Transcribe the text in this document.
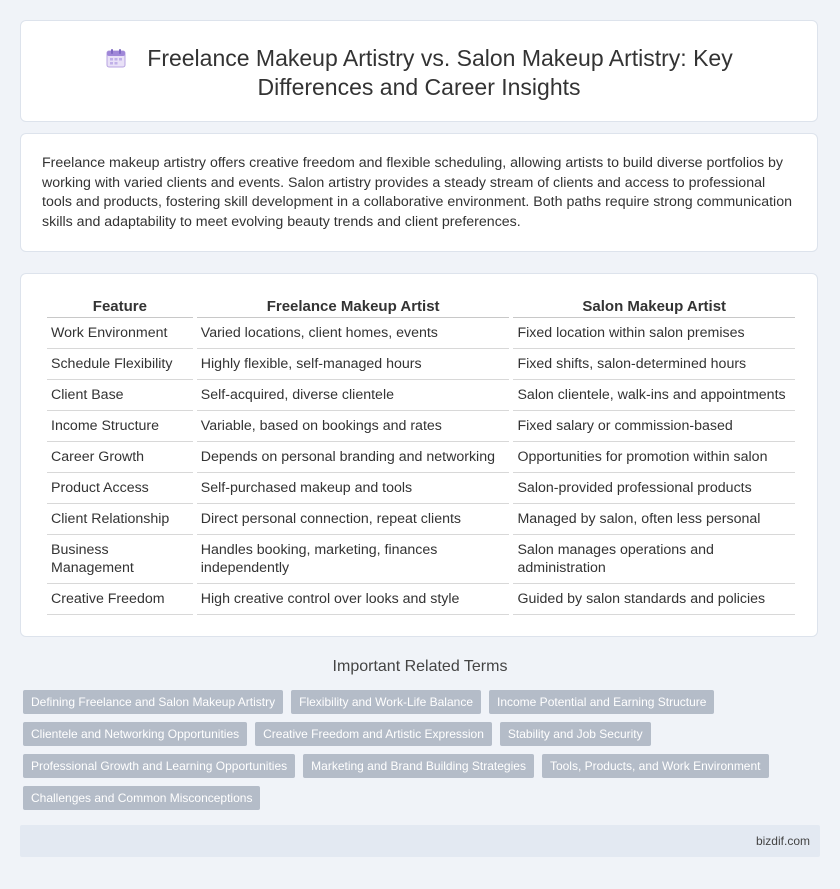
Freelance Makeup Artistry vs. Salon Makeup Artistry: Key Differences and Career Insights
Freelance makeup artistry offers creative freedom and flexible scheduling, allowing artists to build diverse portfolios by working with varied clients and events. Salon artistry provides a steady stream of clients and access to professional tools and products, fostering skill development in a collaborative environment. Both paths require strong communication skills and adaptability to meet evolving beauty trends and client preferences.
Feature	Freelance Makeup Artist	Salon Makeup Artist
Work Environment	Varied locations, client homes, events	Fixed location within salon premises
Schedule Flexibility	Highly flexible, self-managed hours	Fixed shifts, salon-determined hours
Client Base	Self-acquired, diverse clientele	Salon clientele, walk-ins and appointments
Income Structure	Variable, based on bookings and rates	Fixed salary or commission-based
Career Growth	Depends on personal branding and networking	Opportunities for promotion within salon
Product Access	Self-purchased makeup and tools	Salon-provided professional products
Client Relationship	Direct personal connection, repeat clients	Managed by salon, often less personal
Business Management	Handles booking, marketing, finances independently	Salon manages operations and administration
Creative Freedom	High creative control over looks and style	Guided by salon standards and policies
Important Related Terms
Defining Freelance and Salon Makeup Artistry	Flexibility and Work-Life Balance	Income Potential and Earning Structure
Clientele and Networking Opportunities	Creative Freedom and Artistic Expression	Stability and Job Security
Professional Growth and Learning Opportunities	Marketing and Brand Building Strategies	Tools, Products, and Work Environment
Challenges and Common Misconceptions
bizdif.com
